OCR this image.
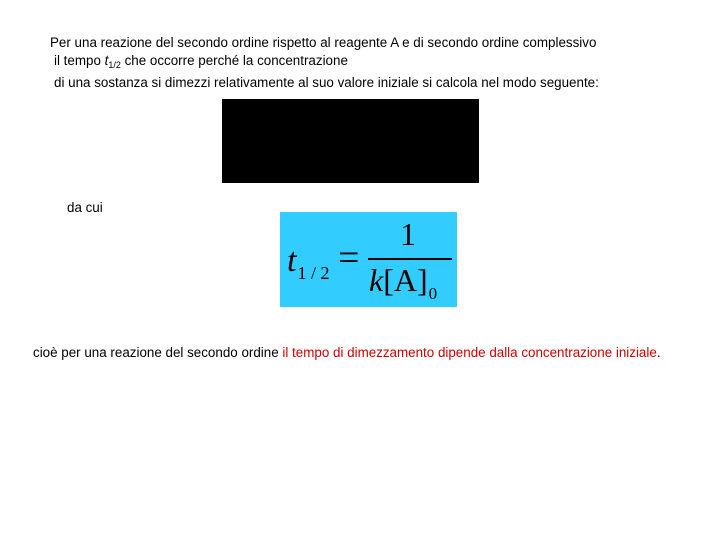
Per una reazione del secondo ordine rispetto al reagente A e di secondo ordine complessivo
il tempo $t_{1/2}$ che occorre perché la concentrazione
di una sostanza si dimezzi relativamente al suo valore iniziale si calcola nel modo seguente:
da cui
$t_{1 / 2}$ =
1
$k[A]_0$
cioè per una reazione del secondo ordine il tempo di dimezzamento dipende dalla concentrazione iniziale.
